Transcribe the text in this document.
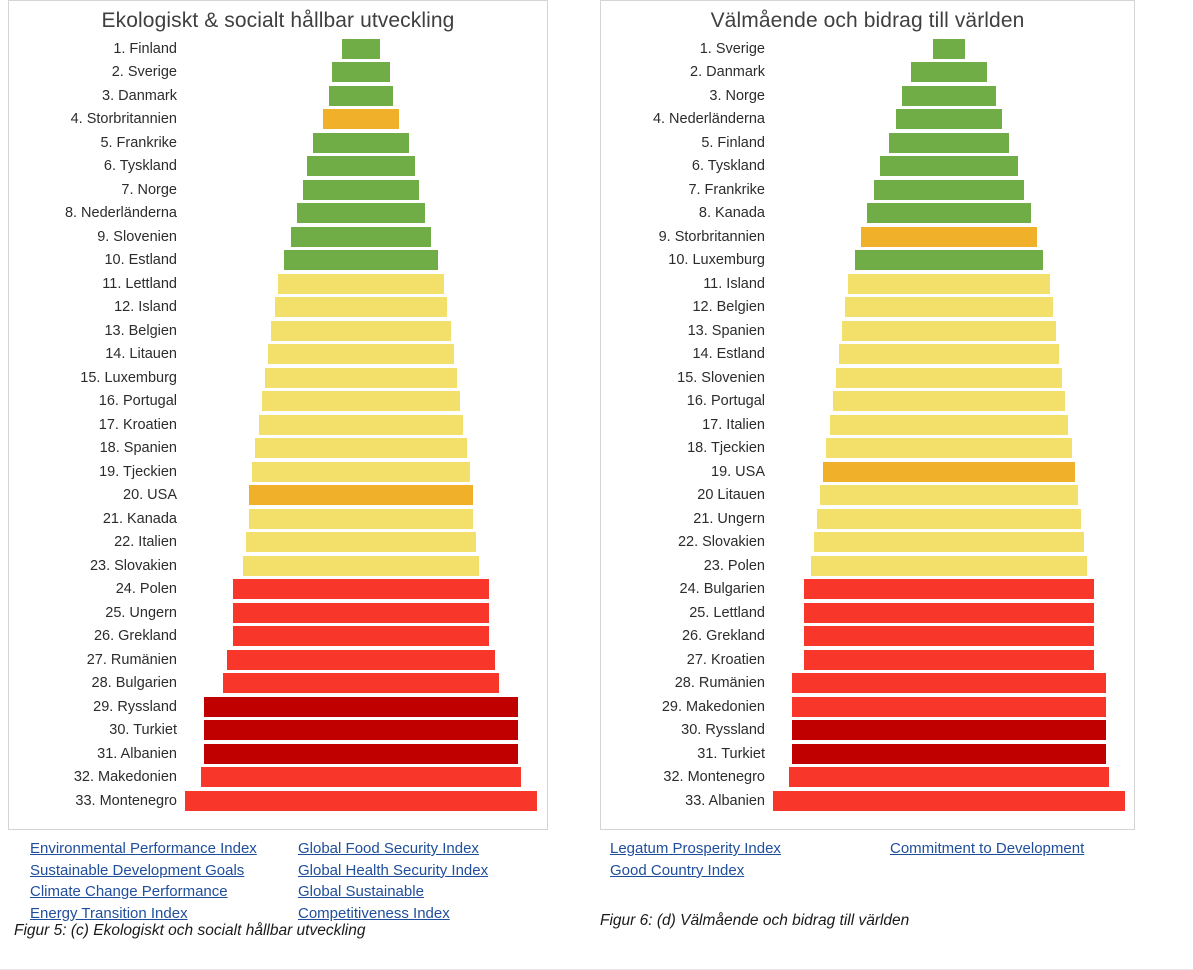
Ekologiskt & socialt hållbar utveckling
1. Finland
2. Sverige
3. Danmark
4. Storbritannien
5. Frankrike
6. Tyskland
7. Norge
8. Nederländerna
9. Slovenien
10. Estland
11. Lettland
12. Island
13. Belgien
14. Litauen
15. Luxemburg
16. Portugal
17. Kroatien
18. Spanien
19. Tjeckien
20. USA
21. Kanada
22. Italien
23. Slovakien
24. Polen
25. Ungern
26. Grekland
27. Rumänien
28. Bulgarien
29. Ryssland
30. Turkiet
31. Albanien
32. Makedonien
33. Montenegro
Environmental Performance Index
Sustainable Development Goals
Climate Change Performance
Energy Transition Index
Global Food Security Index
Global Health Security Index
Global Sustainable
Competitiveness Index
Figur 5: (c) Ekologiskt och socialt hållbar utveckling
Välmående och bidrag till världen
1. Sverige
2. Danmark
3. Norge
4. Nederländerna
5. Finland
6. Tyskland
7. Frankrike
8. Kanada
9. Storbritannien
10. Luxemburg
11. Island
12. Belgien
13. Spanien
14. Estland
15. Slovenien
16. Portugal
17. Italien
18. Tjeckien
19. USA
20 Litauen
21. Ungern
22. Slovakien
23. Polen
24. Bulgarien
25. Lettland
26. Grekland
27. Kroatien
28. Rumänien
29. Makedonien
30. Ryssland
31. Turkiet
32. Montenegro
33. Albanien
Legatum Prosperity Index
Good Country Index
Commitment to Development
Figur 6: (d) Välmående och bidrag till världen
